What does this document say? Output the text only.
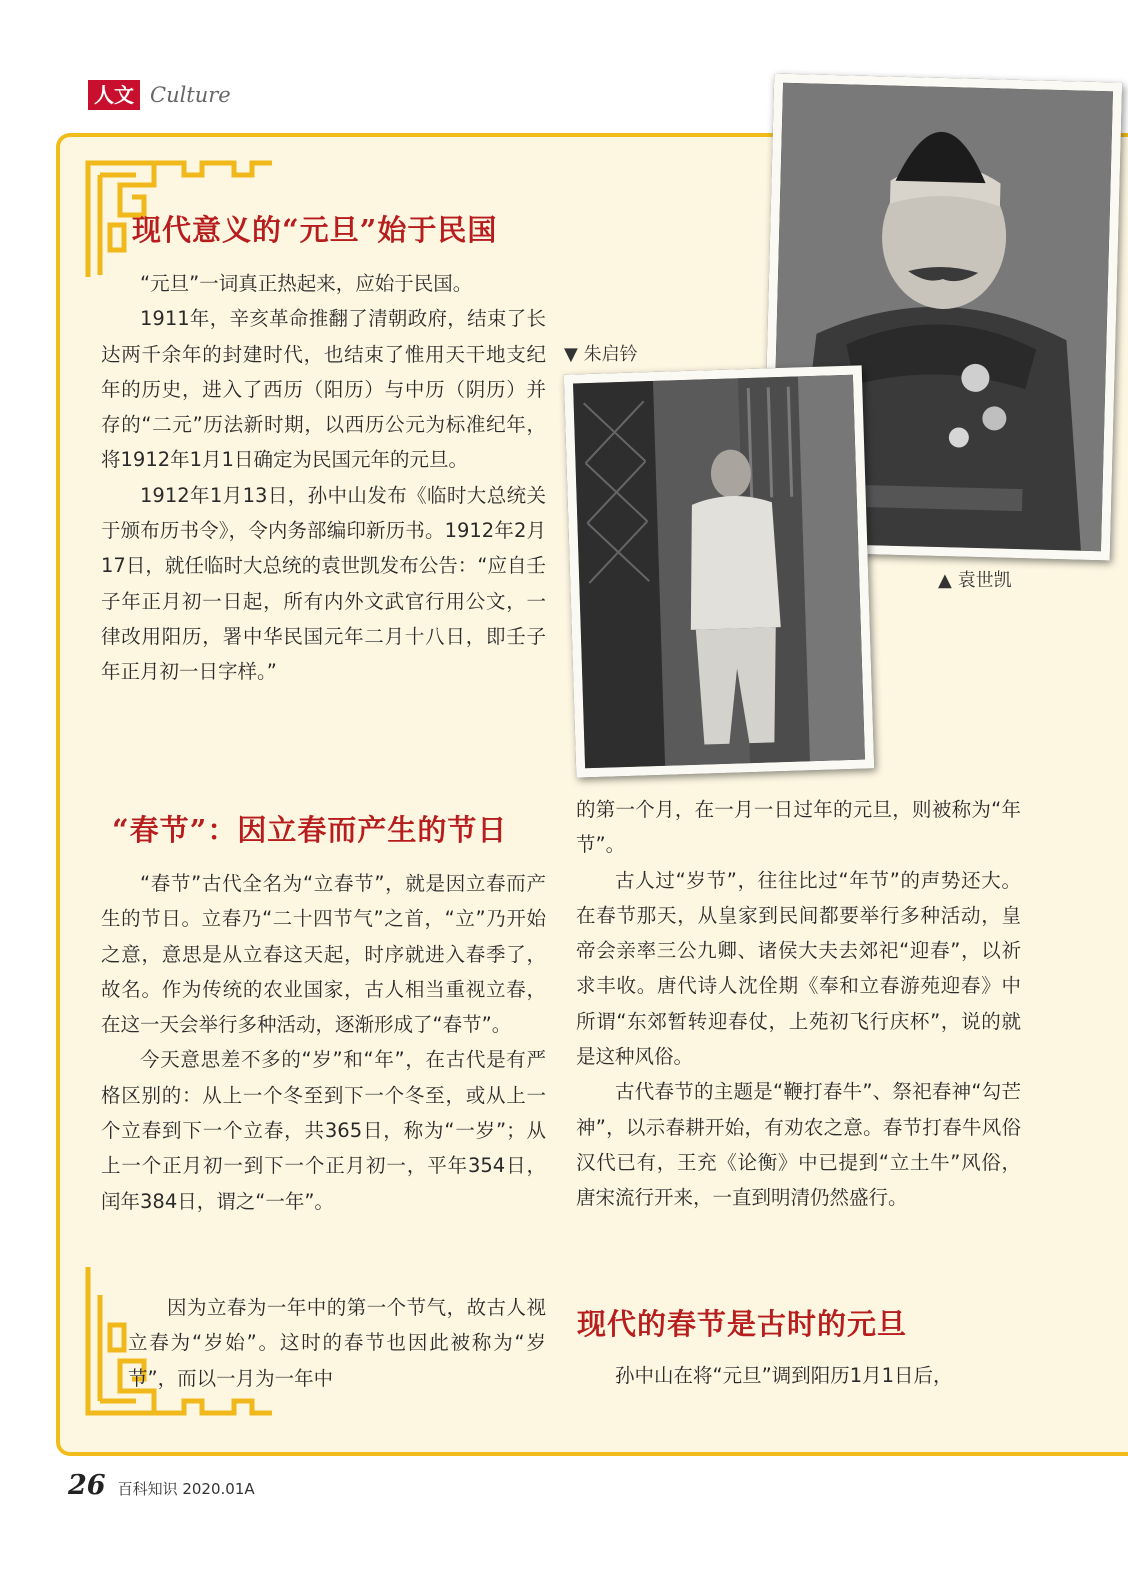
人文 Culture
现代意义的“元旦”始于民国

“元旦”一词真正热起来，应始于民国。

1911年，辛亥革命推翻了清朝政府，结束了长达两千余年的封建时代，也结束了惟用天干地支纪年的历史，进入了西历（阳历）与中历（阴历）并存的“二元”历法新时期，以西历公元为标准纪年，将1912年1月1日确定为民国元年的元旦。

1912年1月13日，孙中山发布《临时大总统关于颁布历书令》，令内务部编印新历书。1912年2月17日，就任临时大总统的袁世凯发布公告：“应自壬子年正月初一日起，所有内外文武官行用公文，一律改用阳历，署中华民国元年二月十八日，即壬子年正月初一日字样。”

“春节”：因立春而产生的节日

“春节”古代全名为“立春节”，就是因立春而产生的节日。立春乃“二十四节气”之首，“立”乃开始之意，意思是从立春这天起，时序就进入春季了，故名。作为传统的农业国家，古人相当重视立春，在这一天会举行多种活动，逐渐形成了“春节”。

今天意思差不多的“岁”和“年”，在古代是有严格区别的：从上一个冬至到下一个冬至，或从上一个立春到下一个立春，共365日，称为“一岁”；从上一个正月初一到下一个正月初一，平年354日，闰年384日，谓之“一年”。

因为立春为一年中的第一个节气，故古人视立春为“岁始”。这时的春节也因此被称为“岁节”，而以一月为一年中

的第一个月，在一月一日过年的元旦，则被称为“年节”。

古人过“岁节”，往往比过“年节”的声势还大。在春节那天，从皇家到民间都要举行多种活动，皇帝会亲率三公九卿、诸侯大夫去郊祀“迎春”，以祈求丰收。唐代诗人沈佺期《奉和立春游苑迎春》中所谓“东郊暂转迎春仗，上苑初飞行庆杯”，说的就是这种风俗。

古代春节的主题是“鞭打春牛”、祭祀春神“勾芒神”，以示春耕开始，有劝农之意。春节打春牛风俗汉代已有，王充《论衡》中已提到“立土牛”风俗，唐宋流行开来，一直到明清仍然盛行。

现代的春节是古时的元旦

孙中山在将“元旦”调到阳历1月1日后，

▲ 袁世凯
▼ 朱启钤
26 百科知识 2020.01A
